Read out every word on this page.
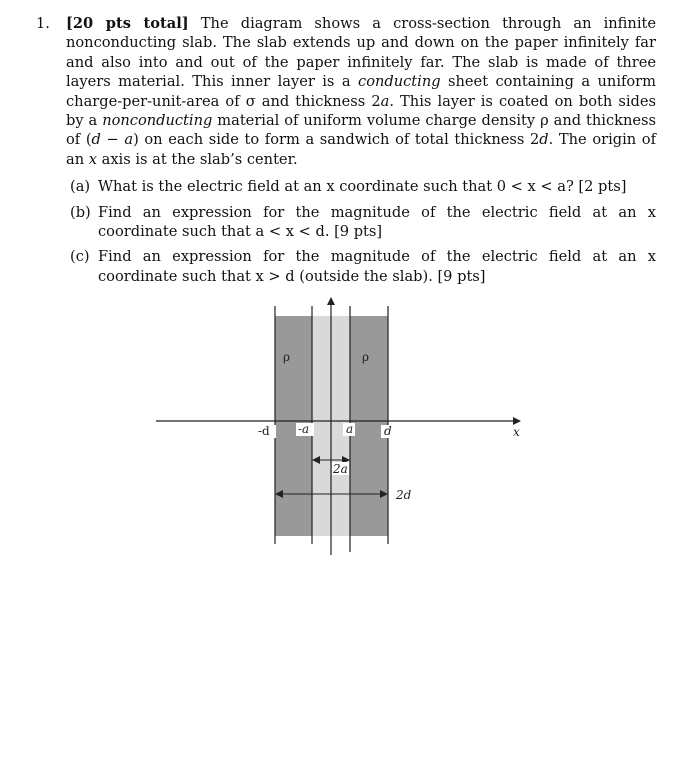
1. [20 pts total] The diagram shows a cross-section through an infinite nonconducting slab. The slab extends up and down on the paper infinitely far and also into and out of the paper infinitely far. The slab is made of three layers material. This inner layer is a conducting sheet containing a uniform charge-per-unit-area of σ and thickness 2a. This layer is coated on both sides by a nonconducting material of uniform volume charge density ρ and thickness of (d − a) on each side to form a sandwich of total thickness 2d. The origin of an x axis is at the slab’s center.
(a) What is the electric field at an x coordinate such that 0 < x < a? [2 pts]
(b) Find an expression for the magnitude of the electric field at an x coordinate such that a < x < d. [9 pts]
(c) Find an expression for the magnitude of the electric field at an x coordinate such that x > d (outside the slab). [9 pts]
ρ	ρ
-d -a	a	d	x
2a
2d
